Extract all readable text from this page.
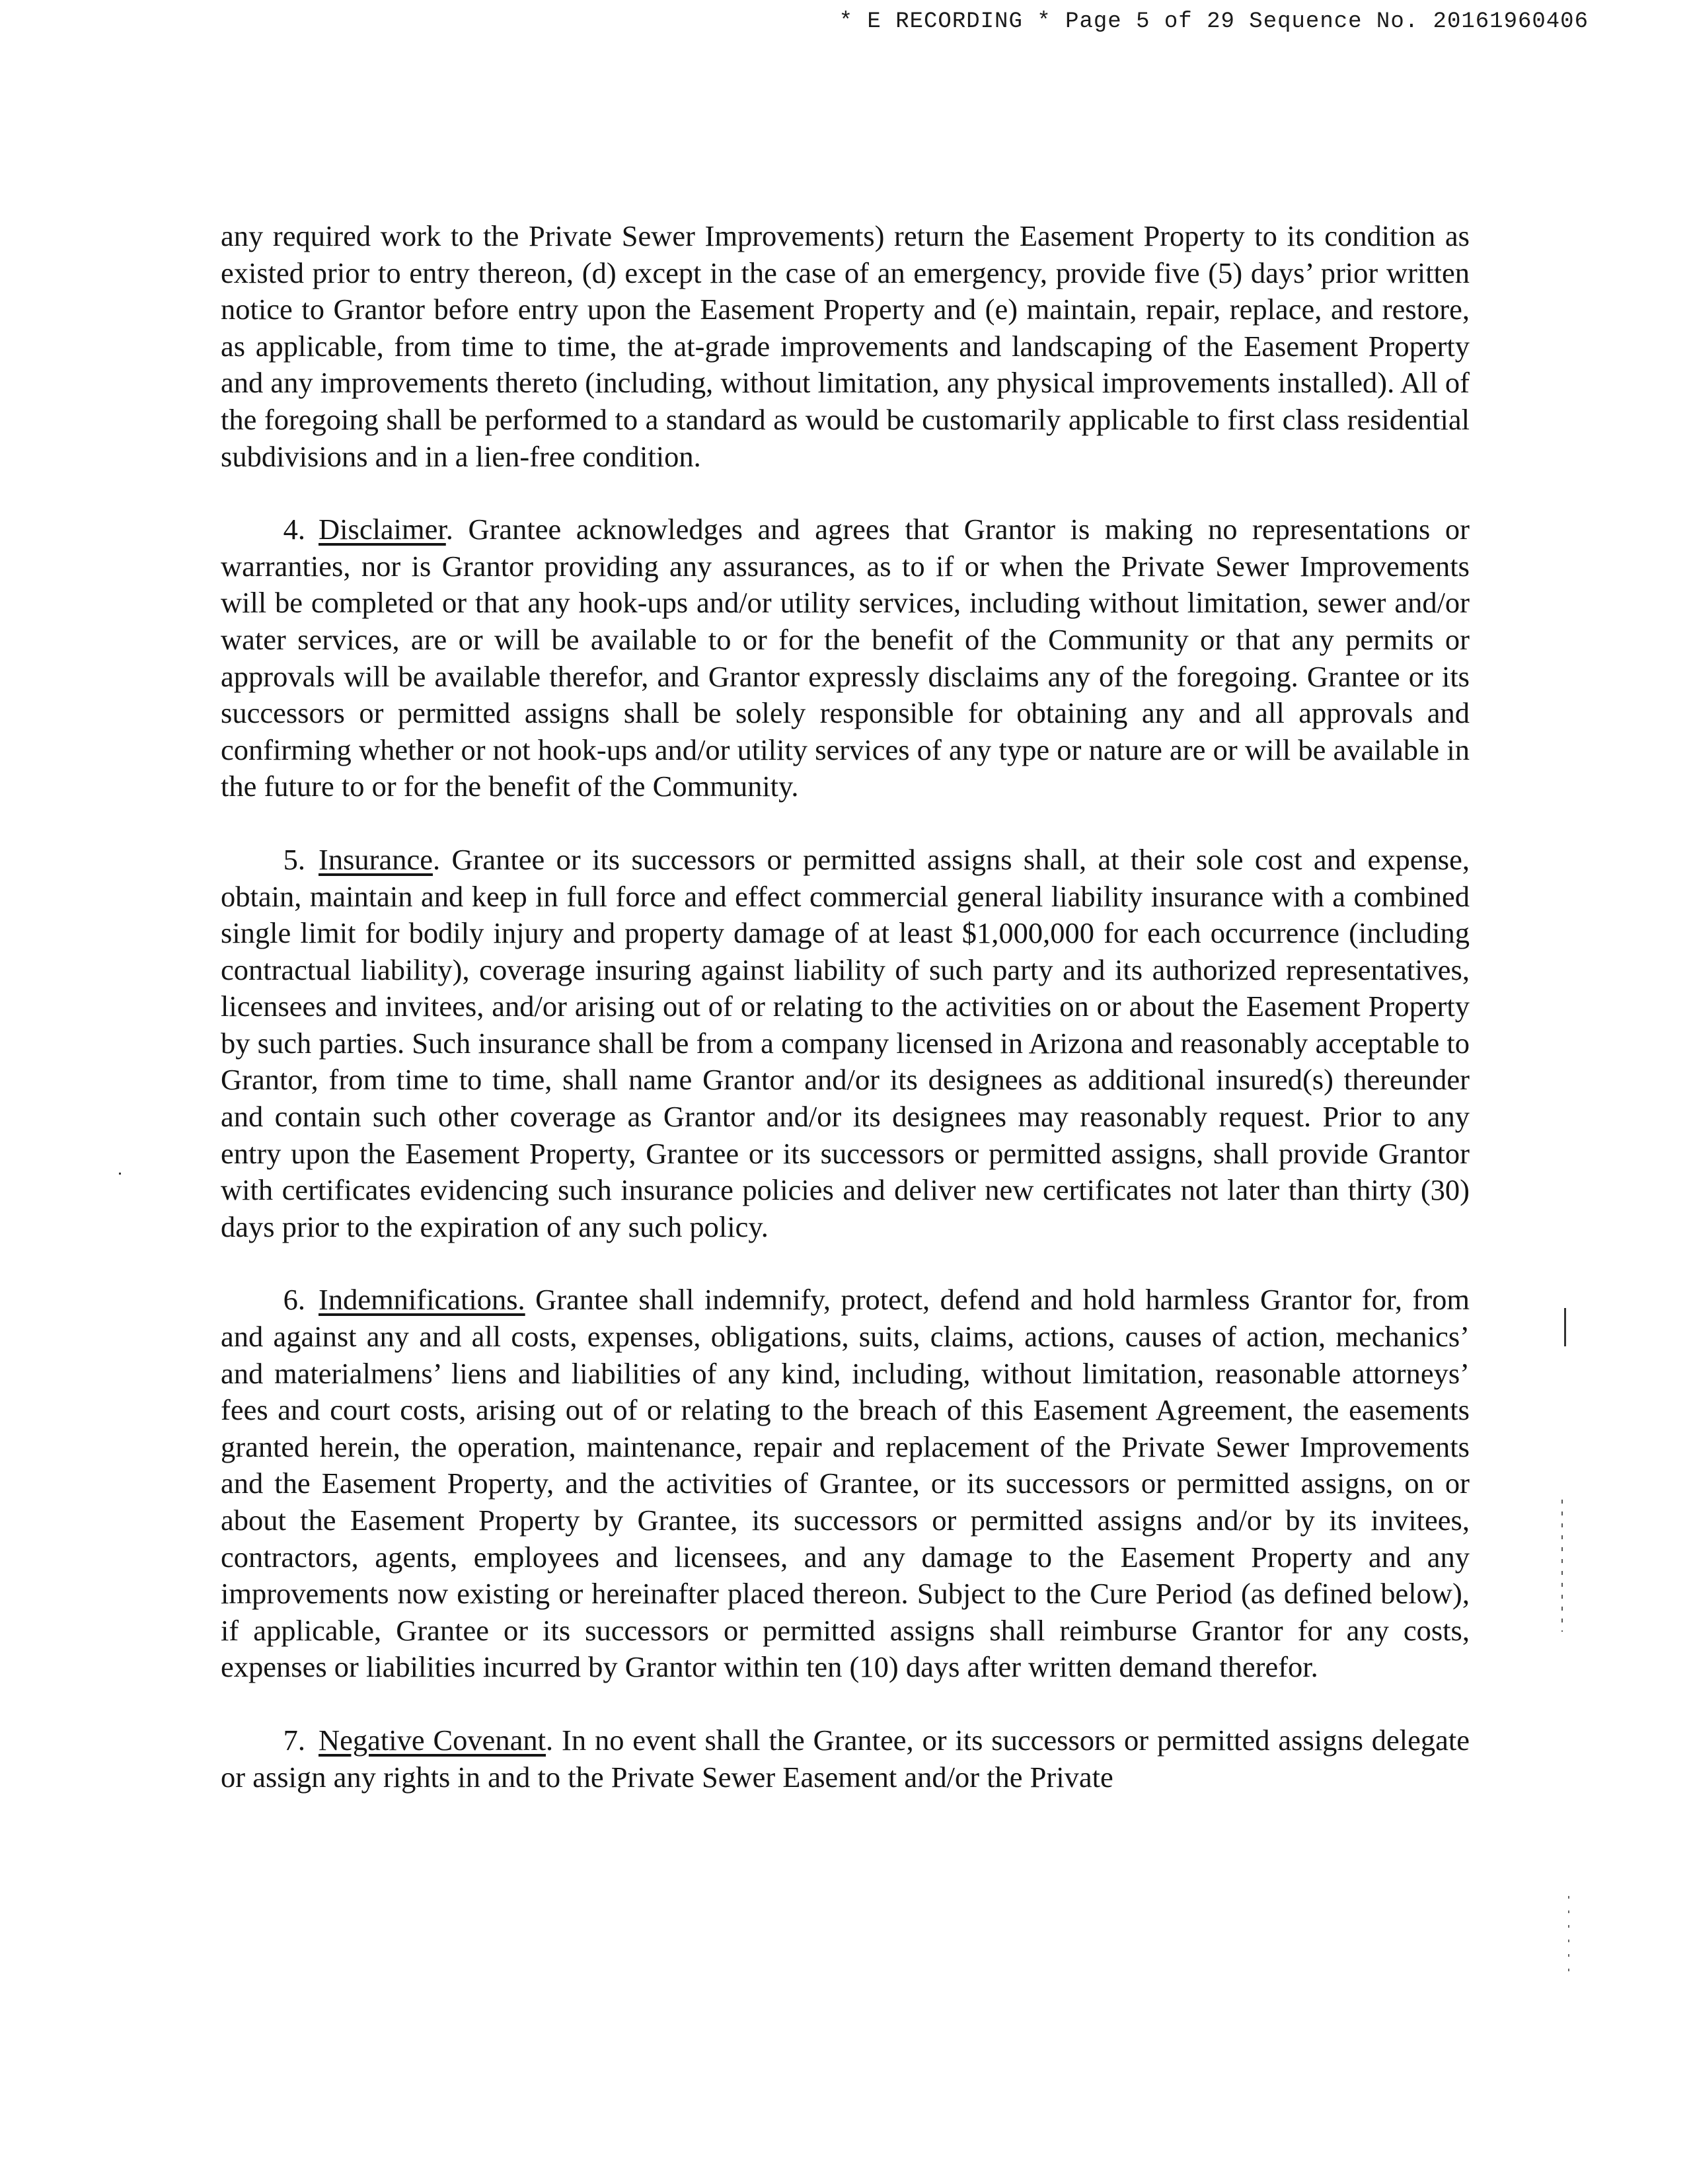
* E RECORDING * Page 5 of 29 Sequence No. 20161960406

any required work to the Private Sewer Improvements) return the Easement Property to its condition as existed prior to entry thereon, (d) except in the case of an emergency, provide five (5) days’ prior written notice to Grantor before entry upon the Easement Property and (e) maintain, repair, replace, and restore, as applicable, from time to time, the at-grade improvements and landscaping of the Easement Property and any improvements thereto (including, without limitation, any physical improvements installed). All of the foregoing shall be performed to a standard as would be customarily applicable to first class residential subdivisions and in a lien-free condition.

4. Disclaimer. Grantee acknowledges and agrees that Grantor is making no representations or warranties, nor is Grantor providing any assurances, as to if or when the Private Sewer Improvements will be completed or that any hook-ups and/or utility services, including without limitation, sewer and/or water services, are or will be available to or for the benefit of the Community or that any permits or approvals will be available therefor, and Grantor expressly disclaims any of the foregoing. Grantee or its successors or permitted assigns shall be solely responsible for obtaining any and all approvals and confirming whether or not hook-ups and/or utility services of any type or nature are or will be available in the future to or for the benefit of the Community.

5. Insurance. Grantee or its successors or permitted assigns shall, at their sole cost and expense, obtain, maintain and keep in full force and effect commercial general liability insurance with a combined single limit for bodily injury and property damage of at least $1,000,000 for each occurrence (including contractual liability), coverage insuring against liability of such party and its authorized representatives, licensees and invitees, and/or arising out of or relating to the activities on or about the Easement Property by such parties. Such insurance shall be from a company licensed in Arizona and reasonably acceptable to Grantor, from time to time, shall name Grantor and/or its designees as additional insured(s) thereunder and contain such other coverage as Grantor and/or its designees may reasonably request. Prior to any entry upon the Easement Property, Grantee or its successors or permitted assigns, shall provide Grantor with certificates evidencing such insurance policies and deliver new certificates not later than thirty (30) days prior to the expiration of any such policy.

6. Indemnifications. Grantee shall indemnify, protect, defend and hold harmless Grantor for, from and against any and all costs, expenses, obligations, suits, claims, actions, causes of action, mechanics’ and materialmens’ liens and liabilities of any kind, including, without limitation, reasonable attorneys’ fees and court costs, arising out of or relating to the breach of this Easement Agreement, the easements granted herein, the operation, maintenance, repair and replacement of the Private Sewer Improvements and the Easement Property, and the activities of Grantee, or its successors or permitted assigns, on or about the Easement Property by Grantee, its successors or permitted assigns and/or by its invitees, contractors, agents, employees and licensees, and any damage to the Easement Property and any improvements now existing or hereinafter placed thereon. Subject to the Cure Period (as defined below), if applicable, Grantee or its successors or permitted assigns shall reimburse Grantor for any costs, expenses or liabilities incurred by Grantor within ten (10) days after written demand therefor.

7. Negative Covenant. In no event shall the Grantee, or its successors or permitted assigns delegate or assign any rights in and to the Private Sewer Easement and/or the Private
